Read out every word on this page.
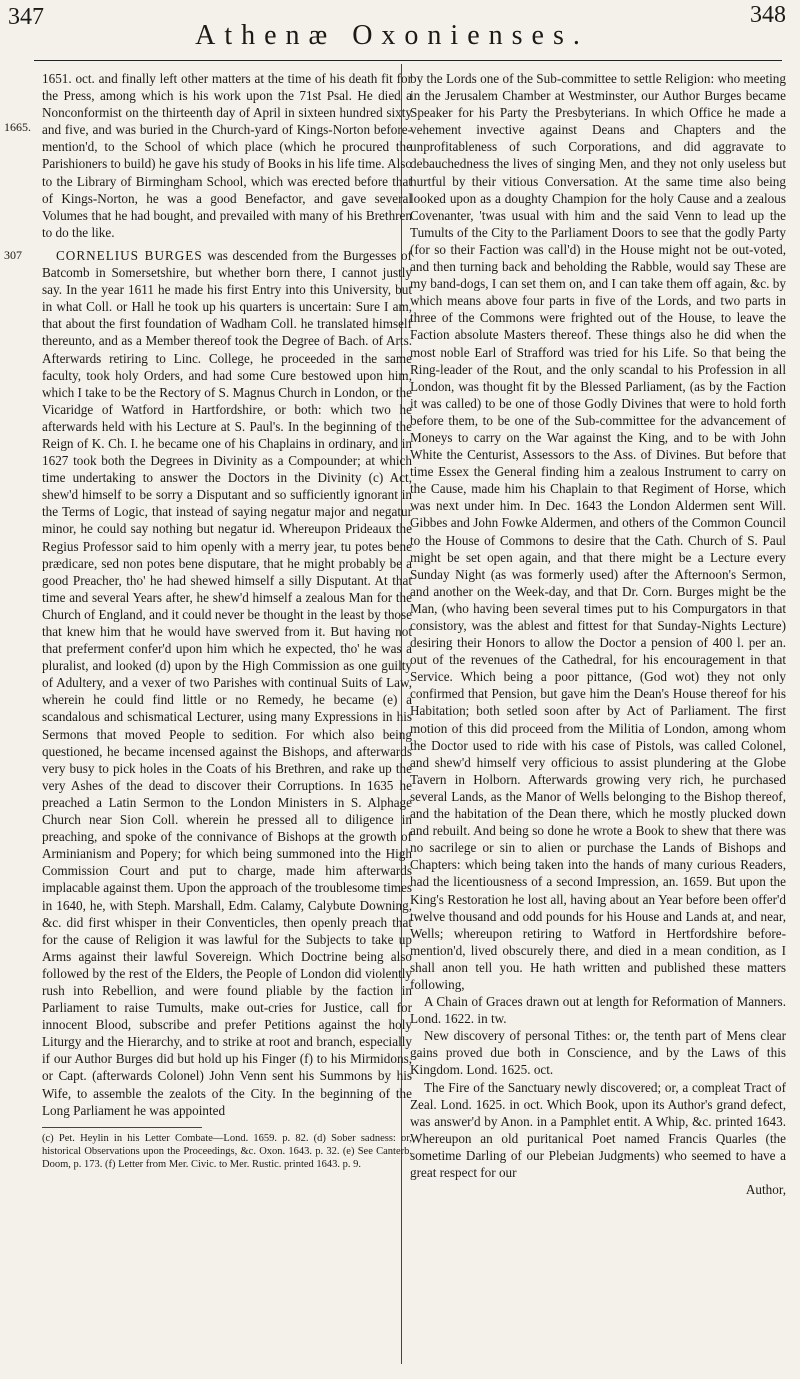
347
Athenæ Oxonienses.
348
1665.
307

1651. oct. and finally left other matters at the time of his death fit for the Press, among which is his work upon the 71st Psal. He died a Nonconformist on the thirteenth day of April in sixteen hundred sixty and five, and was buried in the Church-yard of Kings-Norton before-mention'd, to the School of which place (which he procured the Parishioners to build) he gave his study of Books in his life time. Also to the Library of Birmingham School, which was erected before that of Kings-Norton, he was a good Benefactor, and gave several Volumes that he had bought, and prevailed with many of his Brethren to do the like.

CORNELIUS BURGES was descended from the Burgesses of Batcomb in Somersetshire, but whether born there, I cannot justly say. In the year 1611 he made his first Entry into this University, but in what Coll. or Hall he took up his quarters is uncertain: Sure I am, that about the first foundation of Wadham Coll. he translated himself thereunto, and as a Member thereof took the Degree of Bach. of Arts. Afterwards retiring to Linc. College, he proceeded in the same faculty, took holy Orders, and had some Cure bestowed upon him, which I take to be the Rectory of S. Magnus Church in London, or the Vicaridge of Watford in Hartfordshire, or both: which two he afterwards held with his Lecture at S. Paul's. In the beginning of the Reign of K. Ch. I. he became one of his Chaplains in ordinary, and in 1627 took both the Degrees in Divinity as a Compounder; at which time undertaking to answer the Doctors in the Divinity (c) Act, shew'd himself to be sorry a Disputant and so sufficiently ignorant in the Terms of Logic, that instead of saying negatur major and negatur minor, he could say nothing but negatur id. Whereupon Prideaux the Regius Professor said to him openly with a merry jear, tu potes bene prædicare, sed non potes bene disputare, that he might probably be a good Preacher, tho' he had shewed himself a silly Disputant. At that time and several Years after, he shew'd himself a zealous Man for the Church of England, and it could never be thought in the least by those that knew him that he would have swerved from it. But having not that preferment confer'd upon him which he expected, tho' he was a pluralist, and looked (d) upon by the High Commission as one guilty of Adultery, and a vexer of two Parishes with continual Suits of Law, wherein he could find little or no Remedy, he became (e) a scandalous and schismatical Lecturer, using many Expressions in his Sermons that moved People to sedition. For which also being questioned, he became incensed against the Bishops, and afterwards very busy to pick holes in the Coats of his Brethren, and rake up the very Ashes of the dead to discover their Corruptions. In 1635 he preached a Latin Sermon to the London Ministers in S. Alphage Church near Sion Coll. wherein he pressed all to diligence in preaching, and spoke of the connivance of Bishops at the growth of Arminianism and Popery; for which being summoned into the High Commission Court and put to charge, made him afterwards implacable against them. Upon the approach of the troublesome times in 1640, he, with Steph. Marshall, Edm. Calamy, Calybute Downing, &c. did first whisper in their Conventicles, then openly preach that for the cause of Religion it was lawful for the Subjects to take up Arms against their lawful Sovereign. Which Doctrine being also followed by the rest of the Elders, the People of London did violently rush into Rebellion, and were found pliable by the faction in Parliament to raise Tumults, make out-cries for Justice, call for innocent Blood, subscribe and prefer Petitions against the holy Liturgy and the Hierarchy, and to strike at root and branch, especially if our Author Burges did but hold up his Finger (f) to his Mirmidons, or Capt. (afterwards Colonel) John Venn sent his Summons by his Wife, to assemble the zealots of the City. In the beginning of the Long Parliament he was appointed

(c) Pet. Heylin in his Letter Combate—Lond. 1659. p. 82. (d) Sober sadness: or, historical Observations upon the Proceedings, &c. Oxon. 1643. p. 32. (e) See Canterb. Doom, p. 173. (f) Letter from Mer. Civic. to Mer. Rustic. printed 1643. p. 9.

by the Lords one of the Sub-committee to settle Religion: who meeting in the Jerusalem Chamber at Westminster, our Author Burges became Speaker for his Party the Presbyterians. In which Office he made a vehement invective against Deans and Chapters and the unprofitableness of such Corporations, and did aggravate to debauchedness the lives of singing Men, and they not only useless but hurtful by their vitious Conversation. At the same time also being looked upon as a doughty Champion for the holy Cause and a zealous Covenanter, 'twas usual with him and the said Venn to lead up the Tumults of the City to the Parliament Doors to see that the godly Party (for so their Faction was call'd) in the House might not be out-voted, and then turning back and beholding the Rabble, would say These are my band-dogs, I can set them on, and I can take them off again, &c. by which means above four parts in five of the Lords, and two parts in three of the Commons were frighted out of the House, to leave the Faction absolute Masters thereof. These things also he did when the most noble Earl of Strafford was tried for his Life. So that being the Ring-leader of the Rout, and the only scandal to his Profession in all London, was thought fit by the Blessed Parliament, (as by the Faction it was called) to be one of those Godly Divines that were to hold forth before them, to be one of the Sub-committee for the advancement of Moneys to carry on the War against the King, and to be with John White the Centurist, Assessors to the Ass. of Divines. But before that time Essex the General finding him a zealous Instrument to carry on the Cause, made him his Chaplain to that Regiment of Horse, which was next under him. In Dec. 1643 the London Aldermen sent Will. Gibbes and John Fowke Aldermen, and others of the Common Council to the House of Commons to desire that the Cath. Church of S. Paul might be set open again, and that there might be a Lecture every Sunday Night (as was formerly used) after the Afternoon's Sermon, and another on the Week-day, and that Dr. Corn. Burges might be the Man, (who having been several times put to his Compurgators in that consistory, was the ablest and fittest for that Sunday-Nights Lecture) desiring their Honors to allow the Doctor a pension of 400 l. per an. out of the revenues of the Cathedral, for his encouragement in that Service. Which being a poor pittance, (God wot) they not only confirmed that Pension, but gave him the Dean's House thereof for his Habitation; both setled soon after by Act of Parliament. The first motion of this did proceed from the Militia of London, among whom the Doctor used to ride with his case of Pistols, was called Colonel, and shew'd himself very officious to assist plundering at the Globe Tavern in Holborn. Afterwards growing very rich, he purchased several Lands, as the Manor of Wells belonging to the Bishop thereof, and the habitation of the Dean there, which he mostly plucked down and rebuilt. And being so done he wrote a Book to shew that there was no sacrilege or sin to alien or purchase the Lands of Bishops and Chapters: which being taken into the hands of many curious Readers, had the licentiousness of a second Impression, an. 1659. But upon the King's Restoration he lost all, having about an Year before been offer'd twelve thousand and odd pounds for his House and Lands at, and near, Wells; whereupon retiring to Watford in Hertfordshire before-mention'd, lived obscurely there, and died in a mean condition, as I shall anon tell you. He hath written and published these matters following,

A Chain of Graces drawn out at length for Reformation of Manners. Lond. 1622. in tw.

New discovery of personal Tithes: or, the tenth part of Mens clear gains proved due both in Conscience, and by the Laws of this Kingdom. Lond. 1625. oct.

The Fire of the Sanctuary newly discovered; or, a compleat Tract of Zeal. Lond. 1625. in oct. Which Book, upon its Author's grand defect, was answer'd by Anon. in a Pamphlet entit. A Whip, &c. printed 1643. Whereupon an old puritanical Poet named Francis Quarles (the sometime Darling of our Plebeian Judgments) who seemed to have a great respect for our

Author,
